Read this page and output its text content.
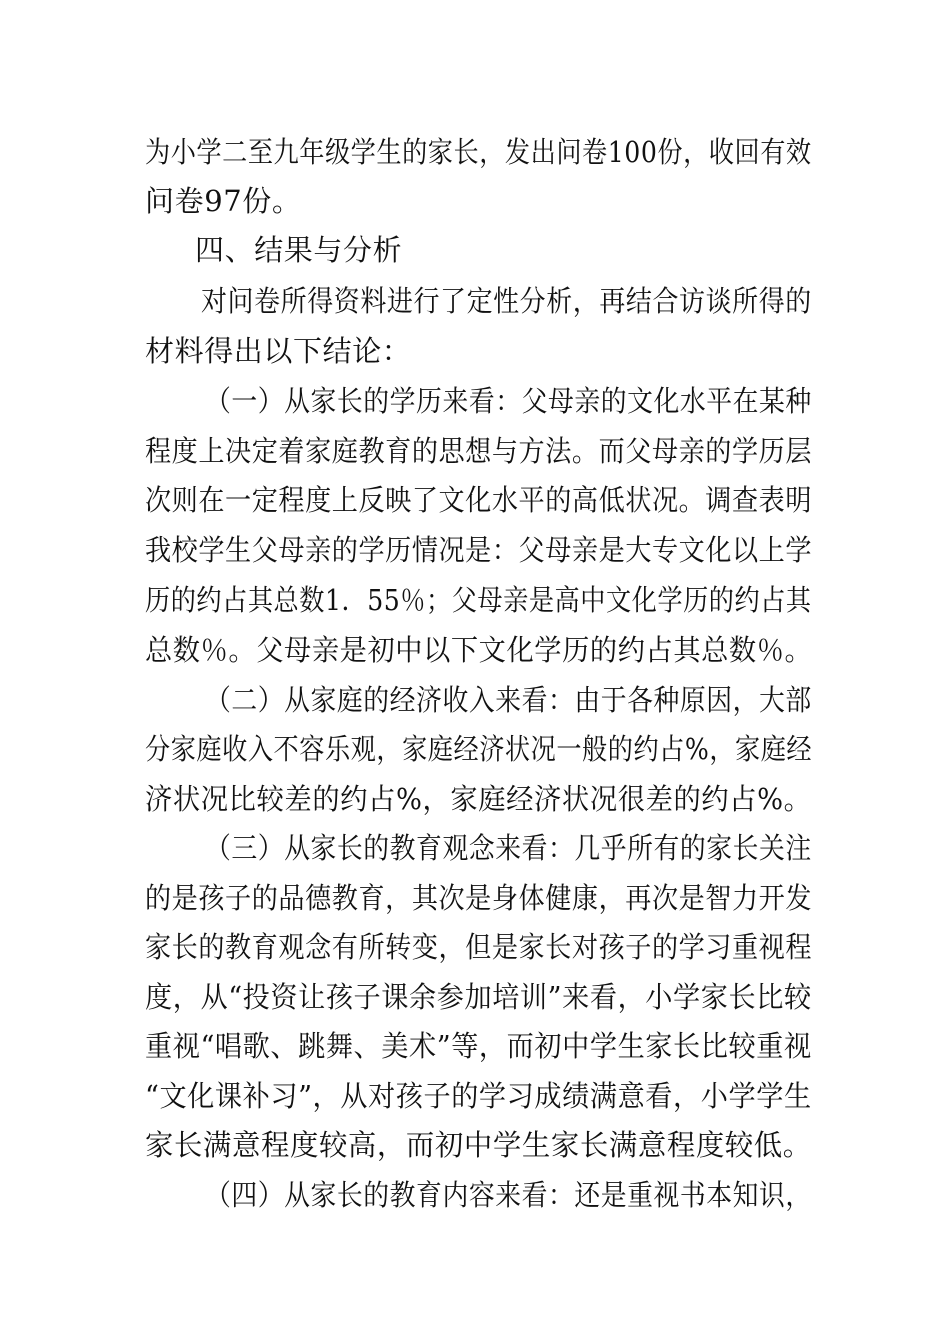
为小学二至九年级学生的家长，发出问卷100份，收回有效
问卷97份。
四、结果与分析
对问卷所得资料进行了定性分析，再结合访谈所得的
材料得出以下结论：
（一）从家长的学历来看：父母亲的文化水平在某种
程度上决定着家庭教育的思想与方法。而父母亲的学历层
次则在一定程度上反映了文化水平的高低状况。调查表明
我校学生父母亲的学历情况是：父母亲是大专文化以上学
历的约占其总数1．55％；父母亲是高中文化学历的约占其
总数％。父母亲是初中以下文化学历的约占其总数％。
（二）从家庭的经济收入来看：由于各种原因，大部
分家庭收入不容乐观，家庭经济状况一般的约占%，家庭经
济状况比较差的约占%，家庭经济状况很差的约占%。
（三）从家长的教育观念来看：几乎所有的家长关注
的是孩子的品德教育，其次是身体健康，再次是智力开发
家长的教育观念有所转变，但是家长对孩子的学习重视程
度，从“投资让孩子课余参加培训”来看，小学家长比较
重视“唱歌、跳舞、美术”等，而初中学生家长比较重视
“文化课补习”，从对孩子的学习成绩满意看，小学学生
家长满意程度较高，而初中学生家长满意程度较低。
（四）从家长的教育内容来看：还是重视书本知识，
